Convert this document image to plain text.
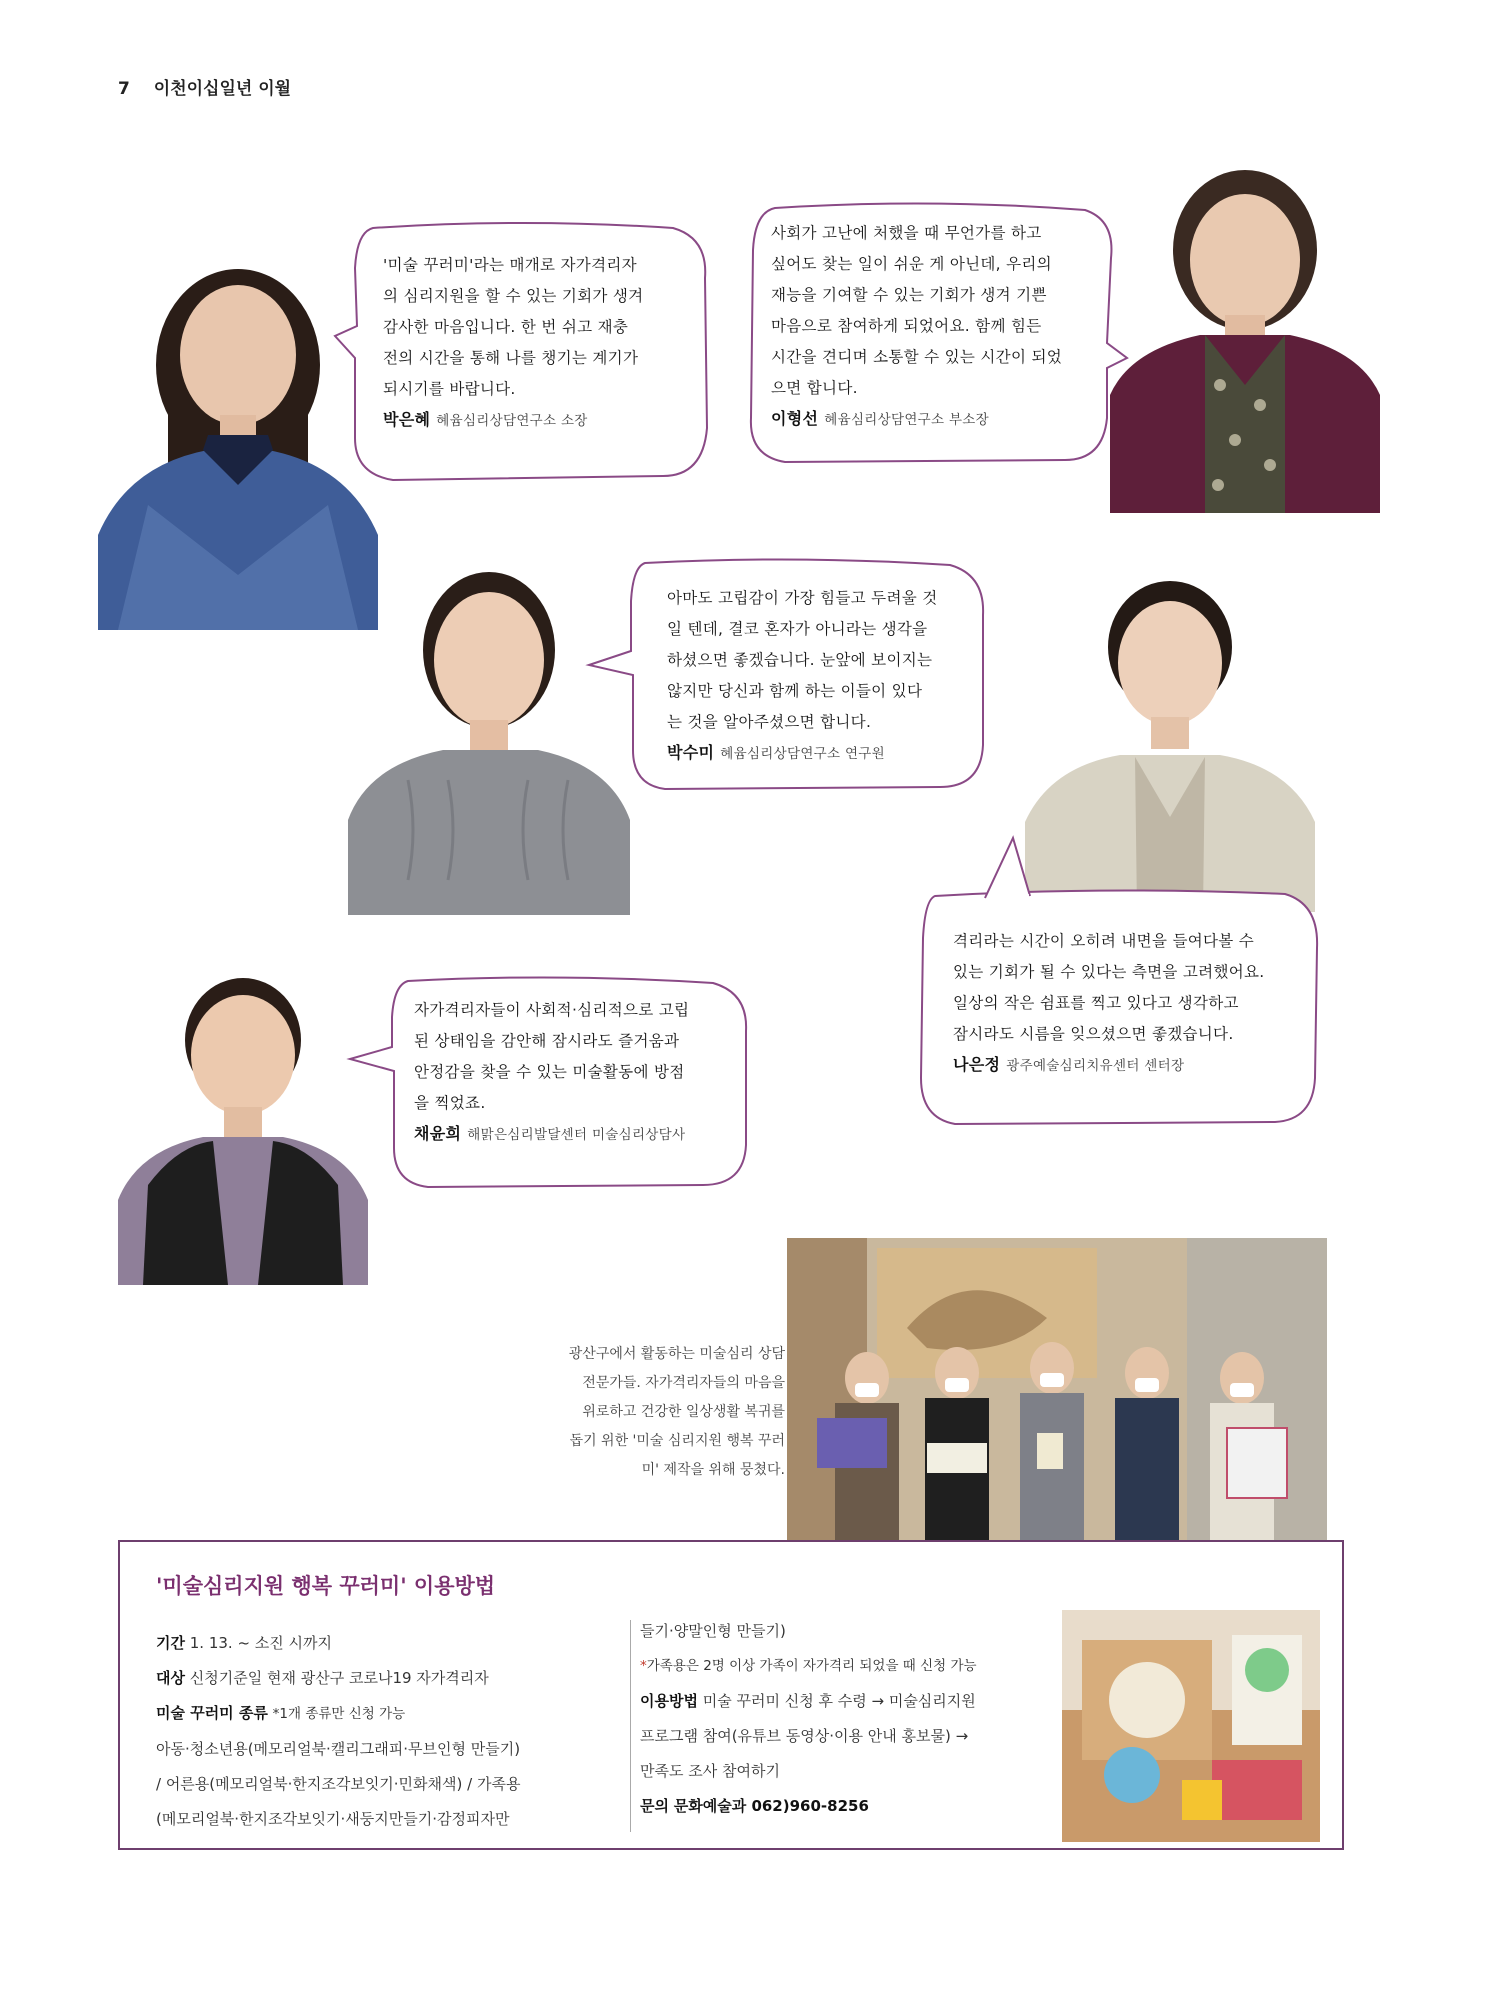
7 이천이십일년 이월
'미술 꾸러미'라는 매개로 자가격리자
의 심리지원을 할 수 있는 기회가 생겨
감사한 마음입니다. 한 번 쉬고 재충
전의 시간을 통해 나를 챙기는 계기가
되시기를 바랍니다.
박은혜 혜윰심리상담연구소 소장
사회가 고난에 처했을 때 무언가를 하고
싶어도 찾는 일이 쉬운 게 아닌데, 우리의
재능을 기여할 수 있는 기회가 생겨 기쁜
마음으로 참여하게 되었어요. 함께 힘든
시간을 견디며 소통할 수 있는 시간이 되었
으면 합니다.
이형선 혜윰심리상담연구소 부소장
아마도 고립감이 가장 힘들고 두려울 것
일 텐데, 결코 혼자가 아니라는 생각을
하셨으면 좋겠습니다. 눈앞에 보이지는
않지만 당신과 함께 하는 이들이 있다
는 것을 알아주셨으면 합니다.
박수미 혜윰심리상담연구소 연구원
격리라는 시간이 오히려 내면을 들여다볼 수
있는 기회가 될 수 있다는 측면을 고려했어요.
일상의 작은 쉼표를 찍고 있다고 생각하고
잠시라도 시름을 잊으셨으면 좋겠습니다.
나은정 광주예술심리치유센터 센터장
자가격리자들이 사회적·심리적으로 고립
된 상태임을 감안해 잠시라도 즐거움과
안정감을 찾을 수 있는 미술활동에 방점
을 찍었죠.
채윤희 해맑은심리발달센터 미술심리상담사
광산구에서 활동하는 미술심리 상담
전문가들. 자가격리자들의 마음을
위로하고 건강한 일상생활 복귀를
돕기 위한 '미술 심리지원 행복 꾸러
미' 제작을 위해 뭉쳤다.
'미술심리지원 행복 꾸러미' 이용방법
기간 1. 13. ~ 소진 시까지
대상 신청기준일 현재 광산구 코로나19 자가격리자
미술 꾸러미 종류 *1개 종류만 신청 가능
아동·청소년용(메모리얼북·캘리그래피·무브인형 만들기)
/ 어른용(메모리얼북·한지조각보잇기·민화채색) / 가족용
(메모리얼북·한지조각보잇기·새둥지만들기·감정피자만
들기·양말인형 만들기)
*가족용은 2명 이상 가족이 자가격리 되었을 때 신청 가능
이용방법 미술 꾸러미 신청 후 수령 → 미술심리지원
프로그램 참여(유튜브 동영상·이용 안내 홍보물) →
만족도 조사 참여하기
문의 문화예술과 062)960-8256
